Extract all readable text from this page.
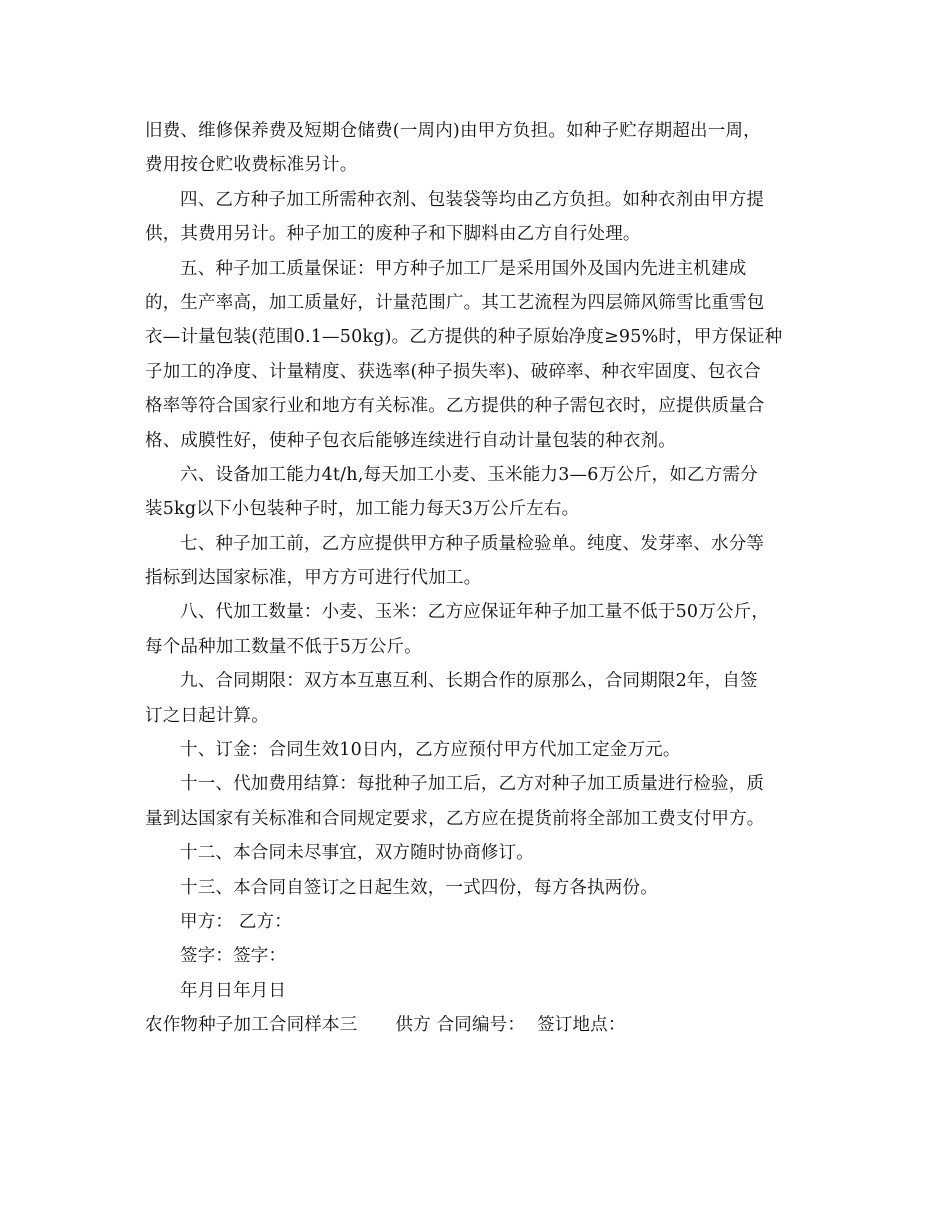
旧费、维修保养费及短期仓储费(一周内)由甲方负担。如种子贮存期超出一周，
费用按仓贮收费标准另计。
四、乙方种子加工所需种衣剂、包装袋等均由乙方负担。如种衣剂由甲方提
供，其费用另计。种子加工的废种子和下脚料由乙方自行处理。
五、种子加工质量保证：甲方种子加工厂是采用国外及国内先进主机建成
的，生产率高，加工质量好，计量范围广。其工艺流程为四层筛风筛雪比重雪包
衣—计量包装(范围0.1—50kg)。乙方提供的种子原始净度≥95%时，甲方保证种
子加工的净度、计量精度、获选率(种子损失率)、破碎率、种衣牢固度、包衣合
格率等符合国家行业和地方有关标准。乙方提供的种子需包衣时，应提供质量合
格、成膜性好，使种子包衣后能够连续进行自动计量包装的种衣剂。
六、设备加工能力4t/h,每天加工小麦、玉米能力3—6万公斤，如乙方需分
装5kg以下小包装种子时，加工能力每天3万公斤左右。
七、种子加工前，乙方应提供甲方种子质量检验单。纯度、发芽率、水分等
指标到达国家标准，甲方方可进行代加工。
八、代加工数量：小麦、玉米：乙方应保证年种子加工量不低于50万公斤，
每个品种加工数量不低于5万公斤。
九、合同期限：双方本互惠互利、长期合作的原那么，合同期限2年，自签
订之日起计算。
十、订金：合同生效10日内，乙方应预付甲方代加工定金万元。
十一、代加费用结算：每批种子加工后，乙方对种子加工质量进行检验，质
量到达国家有关标准和合同规定要求，乙方应在提货前将全部加工费支付甲方。
十二、本合同未尽事宜，双方随时协商修订。
十三、本合同自签订之日起生效，一式四份，每方各执两份。
甲方： 乙方：
签字：签字：
年月日年月日
农作物种子加工合同样本三 供方 合同编号： 签订地点：
